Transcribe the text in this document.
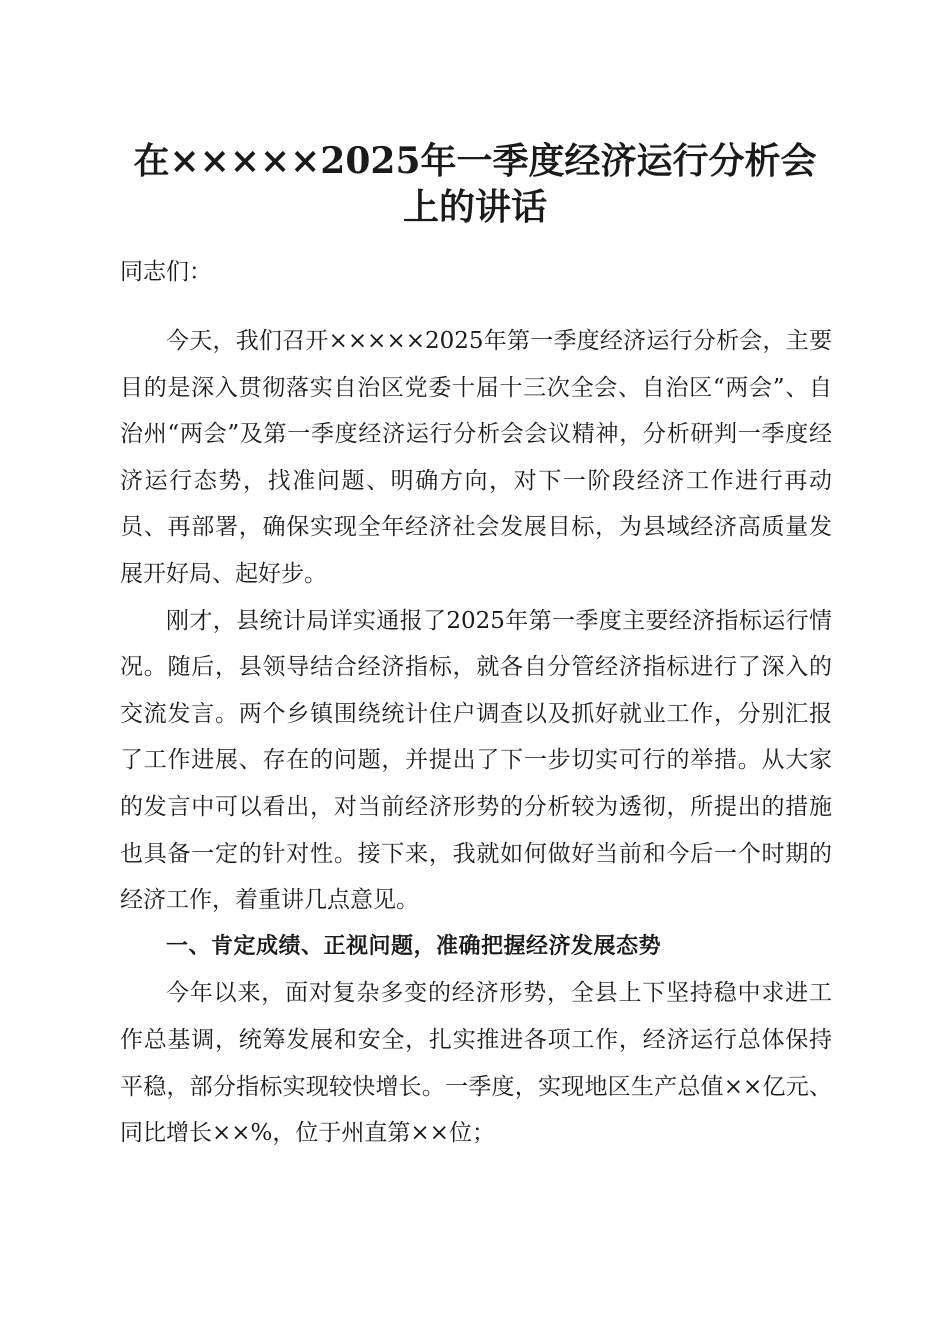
在×××××2025年一季度经济运行分析会
上的讲话

同志们：

今天，我们召开×××××2025年第一季度经济运行分析会，主要目的是深入贯彻落实自治区党委十届十三次全会、自治区“两会”、自治州“两会”及第一季度经济运行分析会会议精神，分析研判一季度经济运行态势，找准问题、明确方向，对下一阶段经济工作进行再动员、再部署，确保实现全年经济社会发展目标，为县域经济高质量发展开好局、起好步。

刚才，县统计局详实通报了2025年第一季度主要经济指标运行情况。随后，县领导结合经济指标，就各自分管经济指标进行了深入的交流发言。两个乡镇围绕统计住户调查以及抓好就业工作，分别汇报了工作进展、存在的问题，并提出了下一步切实可行的举措。从大家的发言中可以看出，对当前经济形势的分析较为透彻，所提出的措施也具备一定的针对性。接下来，我就如何做好当前和今后一个时期的经济工作，着重讲几点意见。

一、肯定成绩、正视问题，准确把握经济发展态势

今年以来，面对复杂多变的经济形势，全县上下坚持稳中求进工作总基调，统筹发展和安全，扎实推进各项工作，经济运行总体保持平稳，部分指标实现较快增长。一季度，实现地区生产总值××亿元、同比增长××%，位于州直第××位；
